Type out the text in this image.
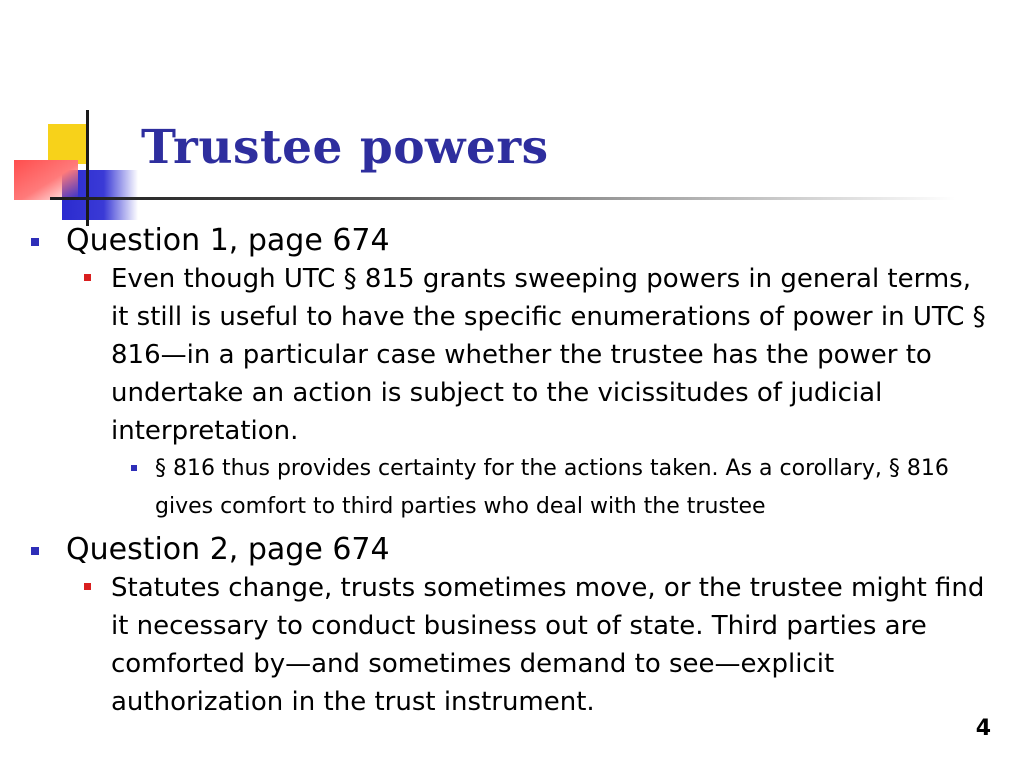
Trustee powers
Question 1, page 674
Even though UTC § 815 grants sweeping powers in general terms, it still is useful to have the specific enumerations of power in UTC § 816—in a particular case whether the trustee has the power to undertake an action is subject to the vicissitudes of judicial interpretation.
§ 816 thus provides certainty for the actions taken. As a corollary, § 816 gives comfort to third parties who deal with the trustee
Question 2, page 674
Statutes change, trusts sometimes move, or the trustee might find it necessary to conduct business out of state. Third parties are comforted by—and sometimes demand to see—explicit authorization in the trust instrument.
4
